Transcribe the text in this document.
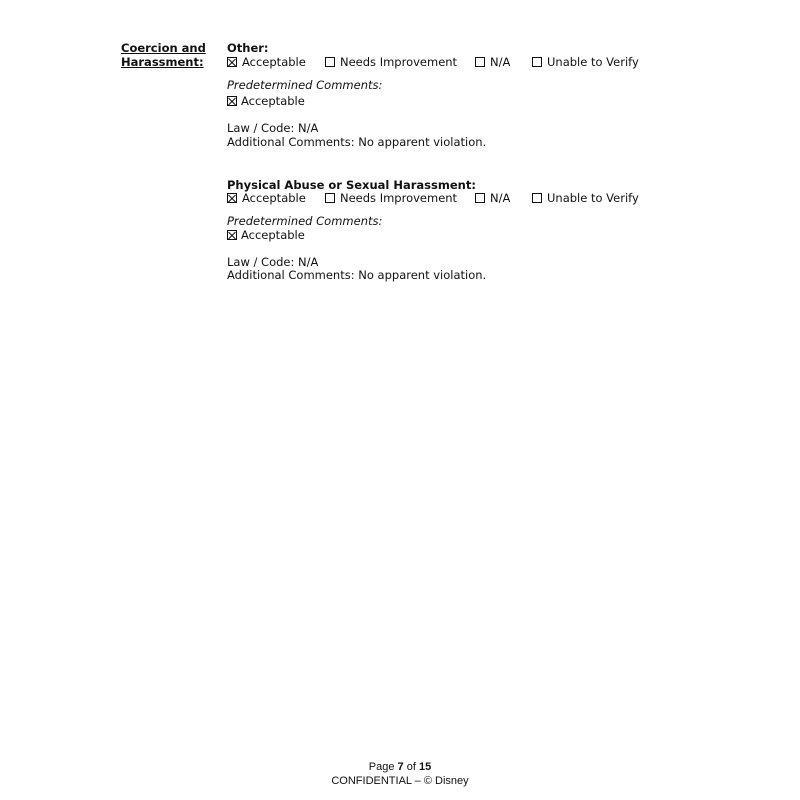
Coercion and
Harassment:
Other:
Acceptable	Needs Improvement	N/A	Unable to Verify
Predetermined Comments:
Acceptable
Law / Code: N/A
Additional Comments: No apparent violation.
Physical Abuse or Sexual Harassment:
Acceptable	Needs Improvement	N/A	Unable to Verify
Predetermined Comments:
Acceptable
Law / Code: N/A
Additional Comments: No apparent violation.
Page 7 of 15
CONFIDENTIAL – © Disney
